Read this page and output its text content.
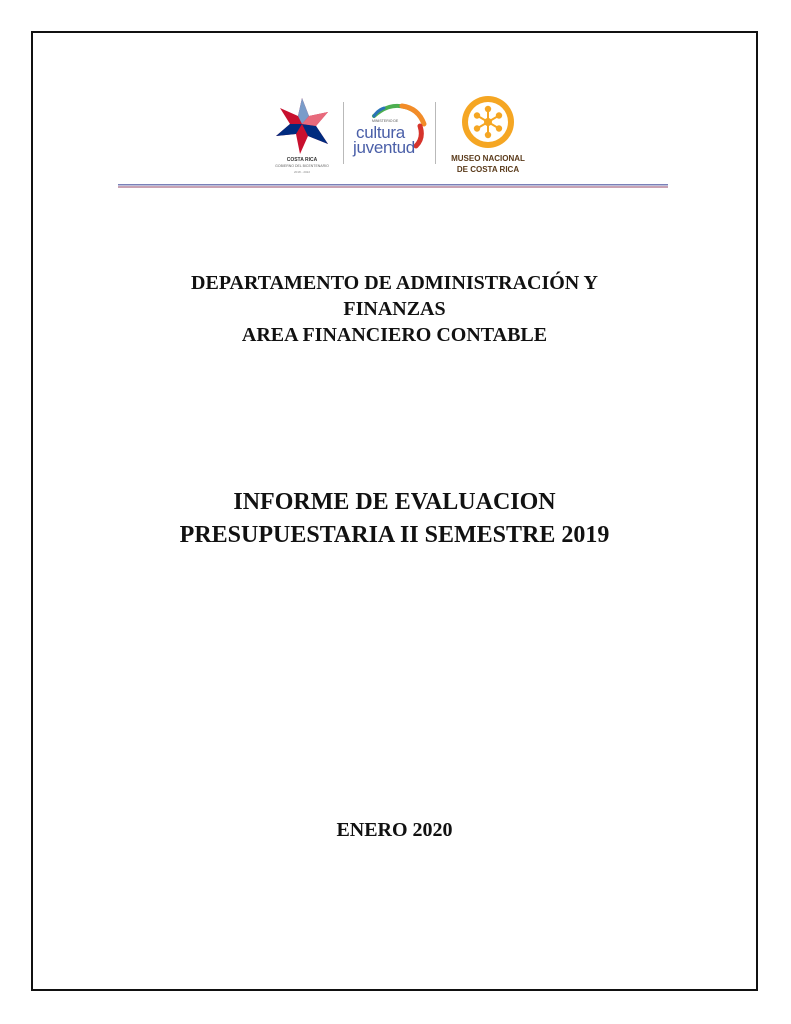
COSTA RICA
GOBIERNO DEL BICENTENARIO
2018 - 2022
MINISTERIO DE
cultura
juventud
MUSEO NACIONAL
DE COSTA RICA
DEPARTAMENTO DE ADMINISTRACIÓN Y
FINANZAS
AREA FINANCIERO CONTABLE
INFORME DE EVALUACION
PRESUPUESTARIA II SEMESTRE 2019
ENERO 2020
